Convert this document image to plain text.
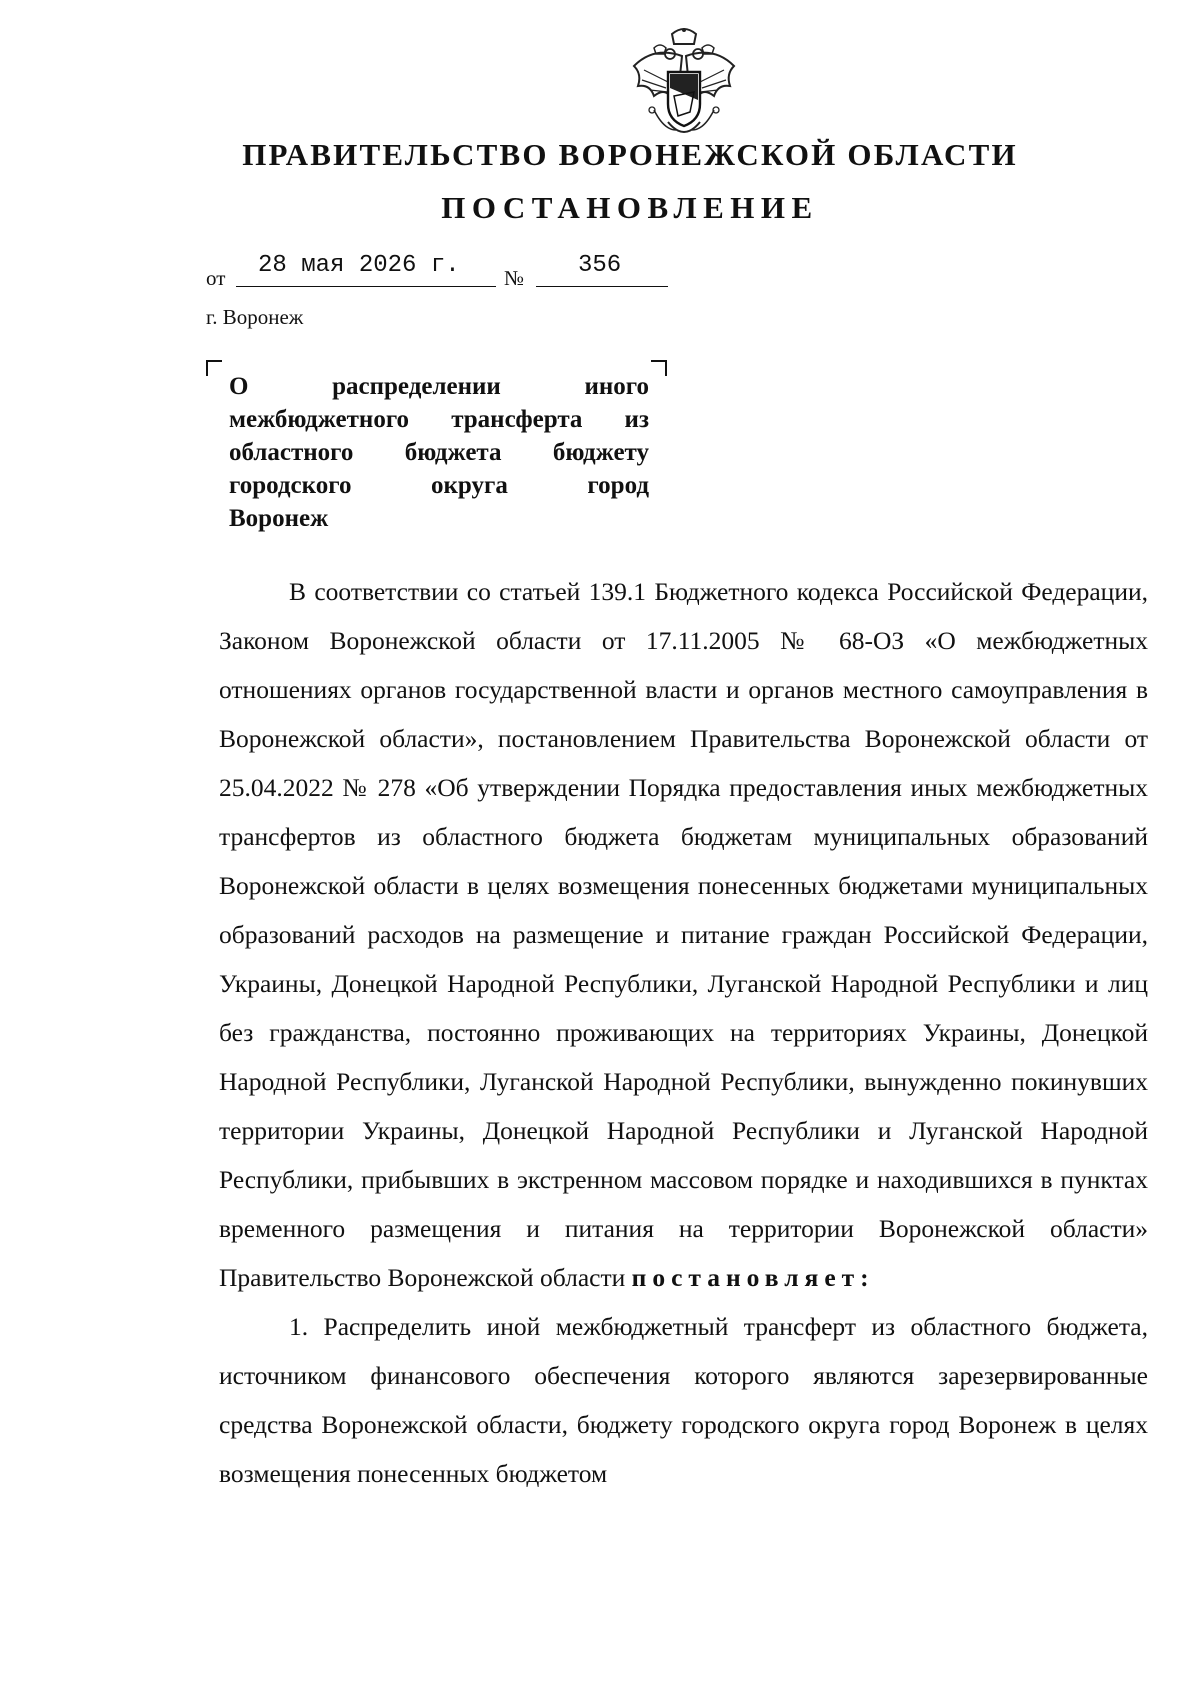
ПРАВИТЕЛЬСТВО ВОРОНЕЖСКОЙ ОБЛАСТИ
ПОСТАНОВЛЕНИЕ
от 28 мая 2026 г. № 356
г. Воронеж
О распределении иного межбюджетного трансферта из областного бюджета бюджету городского округа город
Воронеж

В соответствии со статьей 139.1 Бюджетного кодекса Российской Федерации, Законом Воронежской области от 17.11.2005 № 68-ОЗ «О межбюджетных отношениях органов государственной власти и органов местного самоуправления в Воронежской области», постановлением Правительства Воронежской области от 25.04.2022 № 278 «Об утверждении Порядка предоставления иных межбюджетных трансфертов из областного бюджета бюджетам муниципальных образований Воронежской области в целях возмещения понесенных бюджетами муниципальных образований расходов на размещение и питание граждан Российской Федерации, Украины, Донецкой Народной Республики, Луганской Народной Республики и лиц без гражданства, постоянно проживающих на территориях Украины, Донецкой Народной Республики, Луганской Народной Республики, вынужденно покинувших территории Украины, Донецкой Народной Республики и Луганской Народной Республики, прибывших в экстренном массовом порядке и находившихся в пунктах временного размещения и питания на территории Воронежской области» Правительство Воронежской области постановляет:

1. Распределить иной межбюджетный трансферт из областного бюджета, источником финансового обеспечения которого являются зарезервированные средства Воронежской области, бюджету городского округа город Воронеж в целях возмещения понесенных бюджетом
